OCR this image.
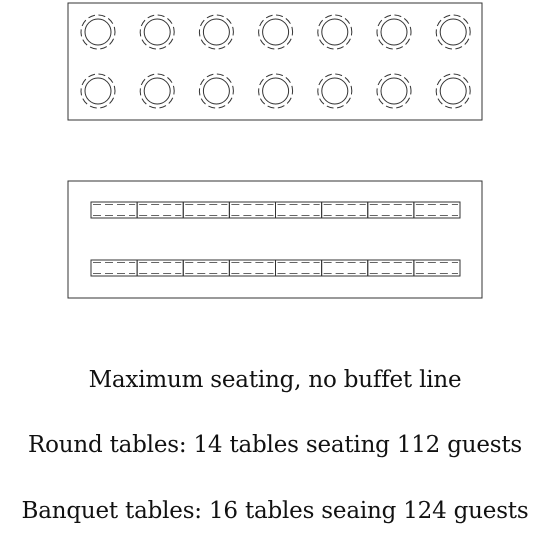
Maximum seating, no buffet line
Round tables: 14 tables seating 112 guests
Banquet tables: 16 tables seaing 124 guests
